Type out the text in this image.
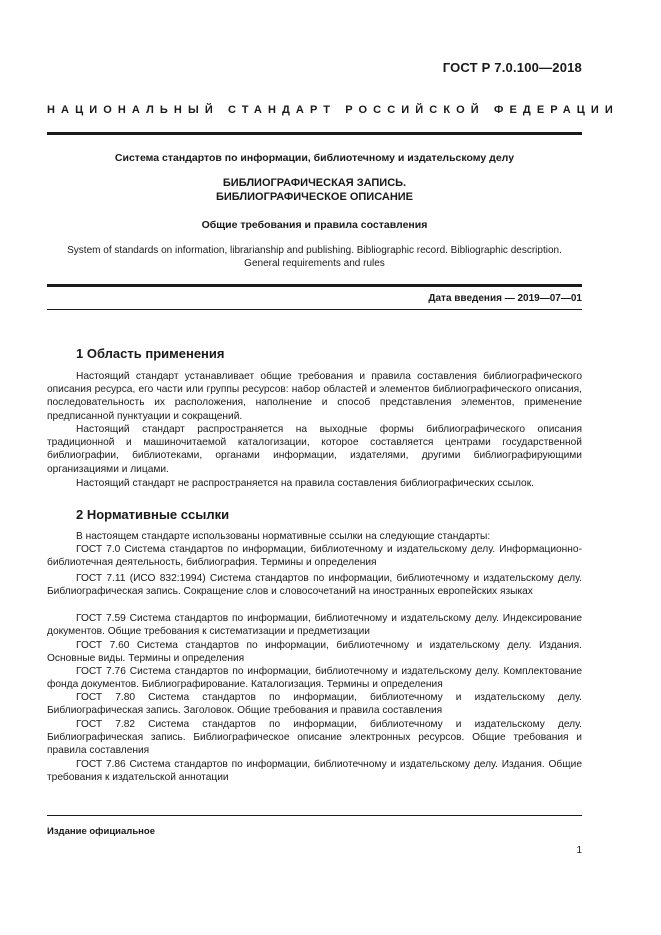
ГОСТ Р 7.0.100—2018
НАЦИОНАЛЬНЫЙ СТАНДАРТ РОССИЙСКОЙ ФЕДЕРАЦИИ
Система стандартов по информации, библиотечному и издательскому делу
БИБЛИОГРАФИЧЕСКАЯ ЗАПИСЬ.
БИБЛИОГРАФИЧЕСКОЕ ОПИСАНИЕ
Общие требования и правила составления
System of standards on information, librarianship and publishing. Bibliographic record. Bibliographic description.
General requirements and rules
Дата введения — 2019—07—01
1 Область применения
Настоящий стандарт устанавливает общие требования и правила составления библиографического описания ресурса, его части или группы ресурсов: набор областей и элементов библиографического описания, последовательность их расположения, наполнение и способ представления элементов, применение предписанной пунктуации и сокращений.
Настоящий стандарт распространяется на выходные формы библиографического описания традиционной и машиночитаемой каталогизации, которое составляется центрами государственной библиографии, библиотеками, органами информации, издателями, другими библиографирующими организациями и лицами.
Настоящий стандарт не распространяется на правила составления библиографических ссылок.
2 Нормативные ссылки
В настоящем стандарте использованы нормативные ссылки на следующие стандарты:
ГОСТ 7.0 Система стандартов по информации, библиотечному и издательскому делу. Информационно-библиотечная деятельность, библиография. Термины и определения
ГОСТ 7.11 (ИСО 832:1994) Система стандартов по информации, библиотечному и издательскому делу. Библиографическая запись. Сокращение слов и словосочетаний на иностранных европейских языках
ГОСТ 7.59 Система стандартов по информации, библиотечному и издательскому делу. Индексирование документов. Общие требования к систематизации и предметизации
ГОСТ 7.60 Система стандартов по информации, библиотечному и издательскому делу. Издания. Основные виды. Термины и определения
ГОСТ 7.76 Система стандартов по информации, библиотечному и издательскому делу. Комплектование фонда документов. Библиографирование. Каталогизация. Термины и определения
ГОСТ 7.80 Система стандартов по информации, библиотечному и издательскому делу. Библиографическая запись. Заголовок. Общие требования и правила составления
ГОСТ 7.82 Система стандартов по информации, библиотечному и издательскому делу. Библиографическая запись. Библиографическое описание электронных ресурсов. Общие требования и правила составления
ГОСТ 7.86 Система стандартов по информации, библиотечному и издательскому делу. Издания. Общие требования к издательской аннотации
Издание официальное
1
